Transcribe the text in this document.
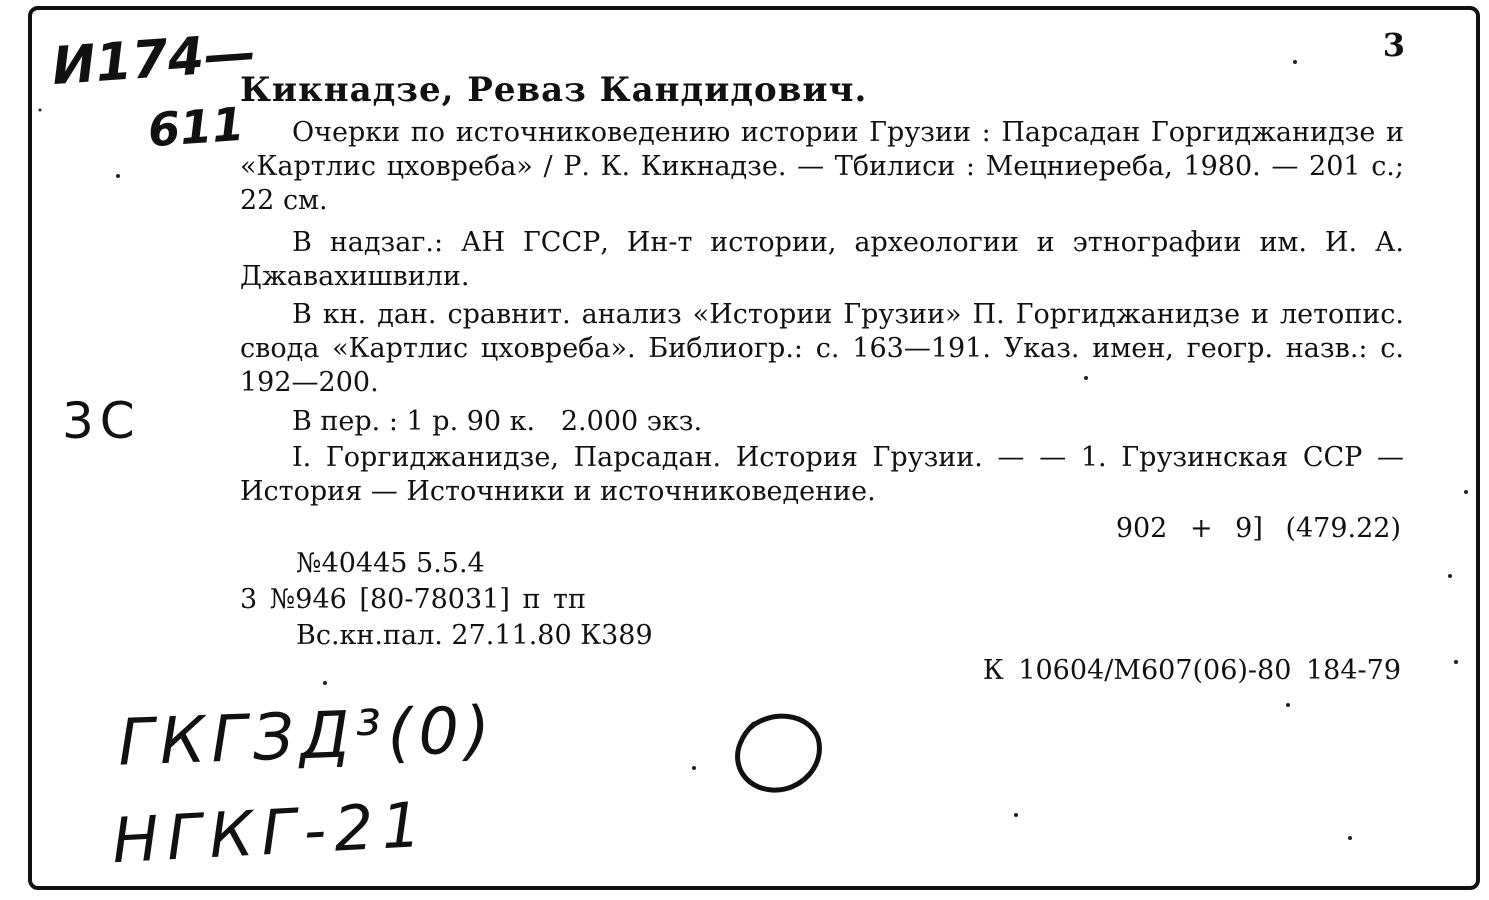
И174—
611
3
Кикнадзе, Реваз Кандидович.
Очерки по источниковедению истории Грузии : Парсадан Горгиджанидзе и «Картлис цховреба» / Р. К. Кикнадзе. — Тбилиси : Мецниереба, 1980. — 201 с.; 22 см.
В надзаг.: АН ГССР, Ин-т истории, археологии и этнографии им. И. А. Джавахишвили.
В кн. дан. сравнит. анализ «Истории Грузии» П. Горгиджанидзе и летопис. свода «Картлис цховреба». Библиогр.: с. 163—191. Указ. имен, геогр. назв.: с. 192—200.
В пер. : 1 р. 90 к.   2.000 экз.
I. Горгиджанидзе, Парсадан. История Грузии. — — 1. Грузинская ССР — История — Источники и источниковедение.
902 + 9] (479.22)
№40445 5.5.4
3 №946 [80-78031] п тп
Вс.кн.пал. 27.11.80 К389
К 10604/М607(06)-80 184-79
3С
ГКГЗД³(0)
НГКГ-21
